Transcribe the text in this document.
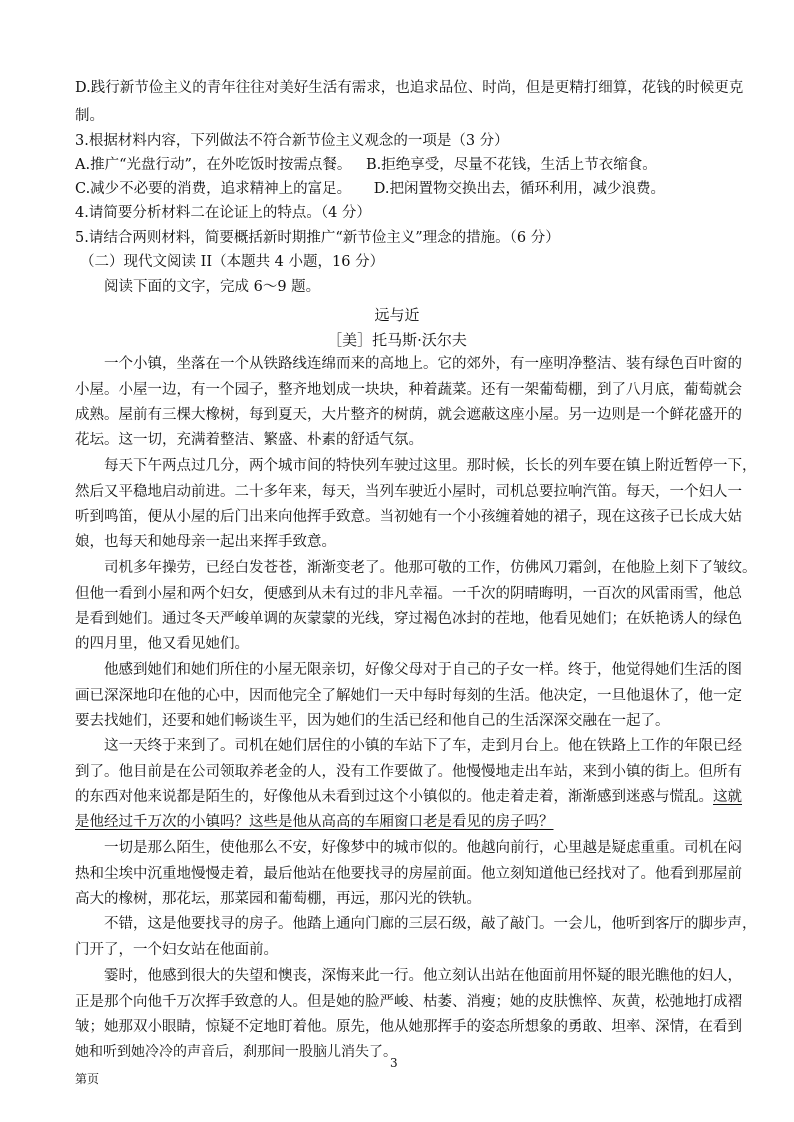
D.践行新节俭主义的青年往往对美好生活有需求，也追求品位、时尚，但是更精打细算，花钱的时候更克
制。
3.根据材料内容，下列做法不符合新节俭主义观念的一项是（3 分）
A.推广“光盘行动”，在外吃饭时按需点餐。 B.拒绝享受，尽量不花钱，生活上节衣缩食。
C.减少不必要的消费，追求精神上的富足。 D.把闲置物交换出去，循环利用，减少浪费。
4.请简要分析材料二在论证上的特点。（4 分）
5.请结合两则材料，简要概括新时期推广“新节俭主义”理念的措施。（6 分）
（二）现代文阅读 II（本题共 4 小题，16 分）
阅读下面的文字，完成 6～9 题。
远与近
［美］托马斯·沃尔夫
一个小镇，坐落在一个从铁路线连绵而来的高地上。它的郊外，有一座明净整洁、装有绿色百叶窗的
小屋。小屋一边，有一个园子，整齐地划成一块块，种着蔬菜。还有一架葡萄棚，到了八月底，葡萄就会
成熟。屋前有三棵大橡树，每到夏天，大片整齐的树荫，就会遮蔽这座小屋。另一边则是一个鲜花盛开的
花坛。这一切，充满着整洁、繁盛、朴素的舒适气氛。
每天下午两点过几分，两个城市间的特快列车驶过这里。那时候，长长的列车要在镇上附近暂停一下，
然后又平稳地启动前进。二十多年来，每天，当列车驶近小屋时，司机总要拉响汽笛。每天，一个妇人一
听到鸣笛，便从小屋的后门出来向他挥手致意。当初她有一个小孩缠着她的裙子，现在这孩子已长成大姑
娘，也每天和她母亲一起出来挥手致意。
司机多年操劳，已经白发苍苍，渐渐变老了。他那可敬的工作，仿佛风刀霜剑，在他脸上刻下了皱纹。
但他一看到小屋和两个妇女，便感到从未有过的非凡幸福。一千次的阴晴晦明，一百次的风雷雨雪，他总
是看到她们。通过冬天严峻单调的灰蒙蒙的光线，穿过褐色冰封的茬地，他看见她们；在妖艳诱人的绿色
的四月里，他又看见她们。
他感到她们和她们所住的小屋无限亲切，好像父母对于自己的子女一样。终于，他觉得她们生活的图
画已深深地印在他的心中，因而他完全了解她们一天中每时每刻的生活。他决定，一旦他退休了，他一定
要去找她们，还要和她们畅谈生平，因为她们的生活已经和他自己的生活深深交融在一起了。
这一天终于来到了。司机在她们居住的小镇的车站下了车，走到月台上。他在铁路上工作的年限已经
到了。他目前是在公司领取养老金的人，没有工作要做了。他慢慢地走出车站，来到小镇的街上。但所有
的东西对他来说都是陌生的，好像他从未看到过这个小镇似的。他走着走着，渐渐感到迷惑与慌乱。这就
是他经过千万次的小镇吗？这些是他从高高的车厢窗口老是看见的房子吗？
一切是那么陌生，使他那么不安，好像梦中的城市似的。他越向前行，心里越是疑虑重重。司机在闷
热和尘埃中沉重地慢慢走着，最后他站在他要找寻的房屋前面。他立刻知道他已经找对了。他看到那屋前
高大的橡树，那花坛，那菜园和葡萄棚，再远，那闪光的铁轨。
不错，这是他要找寻的房子。他踏上通向门廊的三层石级，敲了敲门。一会儿，他听到客厅的脚步声，
门开了，一个妇女站在他面前。
霎时，他感到很大的失望和懊丧，深悔来此一行。他立刻认出站在他面前用怀疑的眼光瞧他的妇人，
正是那个向他千万次挥手致意的人。但是她的脸严峻、枯萎、消瘦；她的皮肤憔悴、灰黄，松弛地打成褶
皱；她那双小眼睛，惊疑不定地盯着他。原先，他从她那挥手的姿态所想象的勇敢、坦率、深情，在看到
她和听到她冷冷的声音后，刹那间一股脑儿消失了。
第页
3
